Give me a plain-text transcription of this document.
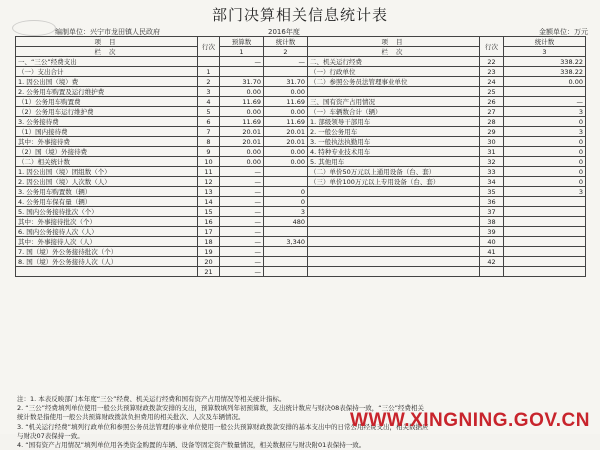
部门决算相关信息统计表
编制单位：兴宁市龙田镇人民政府	2016年度	金额单位：万元
项 目	行次	预算数	统计数	项 目	行次	统计数
栏 次		1	2	栏 次		3
一、“三公”经费支出		—	—	二、机关运行经费	22	338.22
（一）支出合计	1			（一）行政单位	23	338.22
1. 因公出国（境）费	2	31.70	31.70	（二）参照公务员法管理事业单位	24	0.00
2. 公务用车购置及运行维护费	3	0.00	0.00		25	
（1）公务用车购置费	4	11.69	11.69	三、国有资产占用情况	26	—
（2）公务用车运行维护费	5	0.00	0.00	（一）车辆数合计（辆）	27	3
3. 公务接待费	6	11.69	11.69	1. 部级领导干部用车	28	0
（1）国内接待费	7	20.01	20.01	2. 一般公务用车	29	3
其中：外事接待费	8	20.01	20.01	3. 一般执法执勤用车	30	0
（2）国（境）外接待费	9	0.00	0.00	4. 特种专业技术用车	31	0
（二）相关统计数	10	0.00	0.00	5. 其他用车	32	0
1. 因公出国（境）团组数（个）	11	—		（二）单价50万元以上通用设备（台、套）	33	0
2. 因公出国（境）人次数（人）	12	—		（三）单价100万元以上专用设备（台、套）	34	0
3. 公务用车购置数（辆）	13	—	0		35	3
4. 公务用车保有量（辆）	14	—	0		36	
5. 国内公务接待批次（个）	15	—	3		37	
其中：外事接待批次（个）	16	—	480		38	
6. 国内公务接待人次（人）	17	—			39	
其中：外事接待人次（人）	18	—	3,340		40	
7. 国（境）外公务接待批次（个）	19	—			41	
8. 国（境）外公务接待人次（人）	20	—			42	
	21	—				
注：1. 本表反映部门本年度“三公”经费、机关运行经费和国有资产占用情况等相关统计指标。
2. “三公”经费填列单位使用一般公共预算财政拨款安排的支出，预算数填列年初预算数，支出统计数应与财决08表保持一致，“三公”经费相关
统计数是指使用一般公共预算财政拨款负担费用的相关批次、人次及车辆情况。
3. “机关运行经费”填列行政单位和参照公务员法管理的事业单位使用一般公共预算财政拨款安排的基本支出中的日常公用经费支出，相关数据应
与财决07表保持一致。
4. “国有资产占用情况”填列单位用各类资金购置的车辆、设备等固定资产数量情况，相关数据应与财决附01表保持一致。
WWW.XINGNING.GOV.CN
